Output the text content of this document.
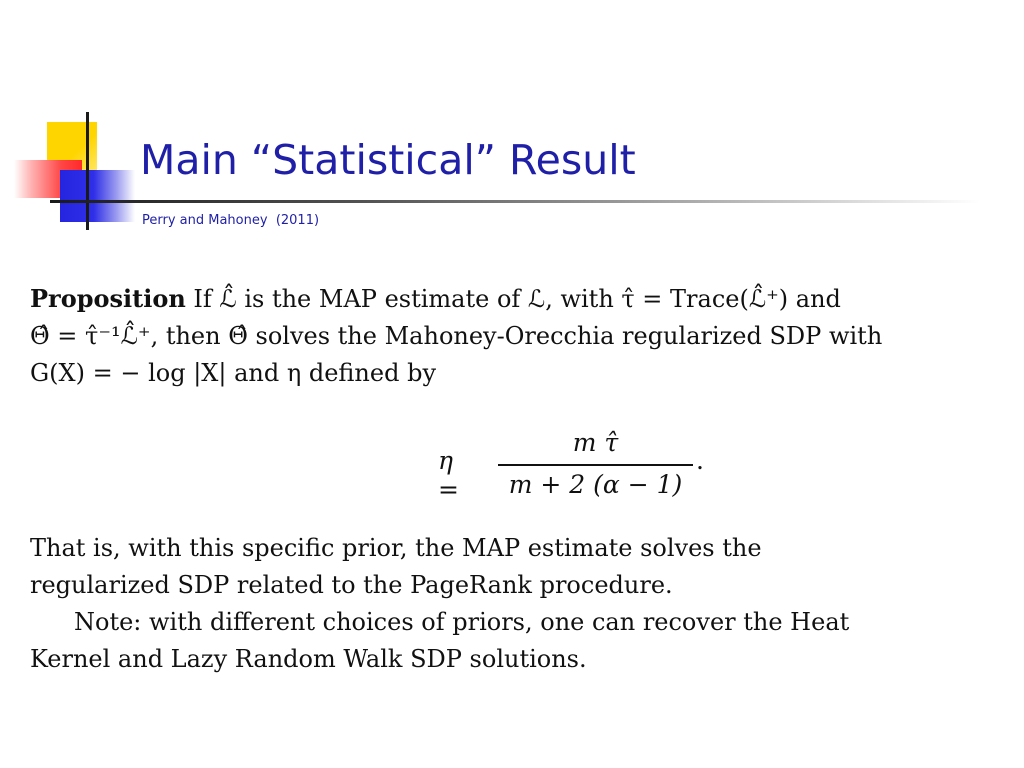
Main “Statistical” Result
Perry and Mahoney  (2011)

Proposition If ℒ̂ is the MAP estimate of ℒ, with τ̂ = Trace(ℒ̂⁺) and

Θ̂ = τ̂⁻¹ℒ̂⁺, then Θ̂ solves the Mahoney-Orecchia regularized SDP with

G(X) = − log |X| and η defined by

η =
m τ̂
m + 2 (α − 1)
.

That is, with this specific prior, the MAP estimate solves the

regularized SDP related to the PageRank procedure.

Note: with different choices of priors, one can recover the Heat

Kernel and Lazy Random Walk SDP solutions.
